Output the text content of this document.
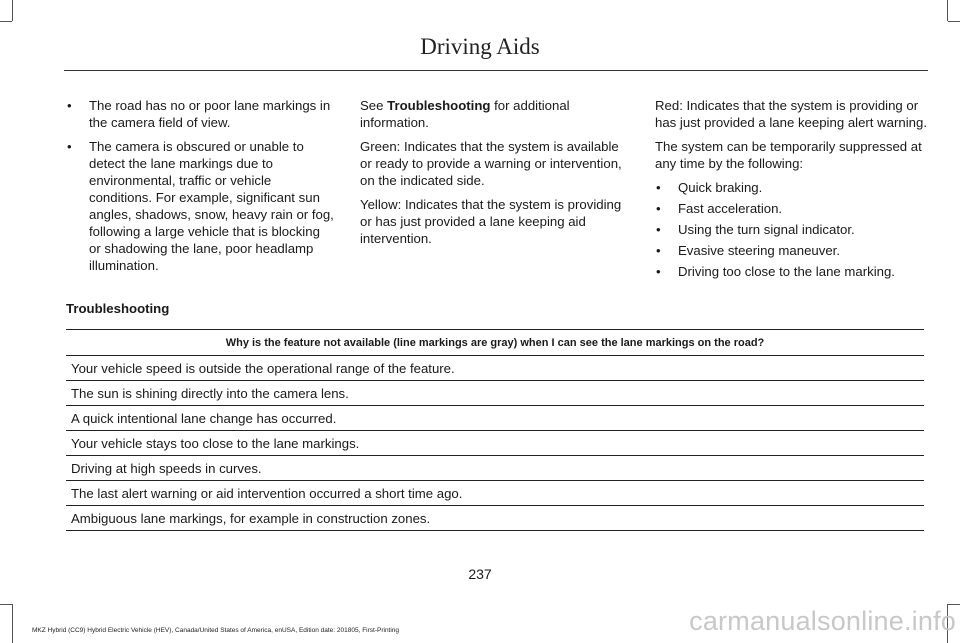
Driving Aids
• The road has no or poor lane markings in the camera field of view.
• The camera is obscured or unable to detect the lane markings due to environmental, traffic or vehicle conditions. For example, significant sun angles, shadows, snow, heavy rain or fog, following a large vehicle that is blocking or shadowing the lane, poor headlamp illumination.

See Troubleshooting for additional information.

Green: Indicates that the system is available or ready to provide a warning or intervention, on the indicated side.

Yellow: Indicates that the system is providing or has just provided a lane keeping aid intervention.

Red: Indicates that the system is providing or has just provided a lane keeping alert warning.

The system can be temporarily suppressed at any time by the following:

• Quick braking.
• Fast acceleration.
• Using the turn signal indicator.
• Evasive steering maneuver.
• Driving too close to the lane marking.
Troubleshooting
Why is the feature not available (line markings are gray) when I can see the lane markings on the road?
Your vehicle speed is outside the operational range of the feature.
The sun is shining directly into the camera lens.
A quick intentional lane change has occurred.
Your vehicle stays too close to the lane markings.
Driving at high speeds in curves.
The last alert warning or aid intervention occurred a short time ago.
Ambiguous lane markings, for example in construction zones.
237
MKZ Hybrid (CC9) Hybrid Electric Vehicle (HEV), Canada/United States of America, enUSA, Edition date: 201805, First-Printing	carmanualsonline.info
